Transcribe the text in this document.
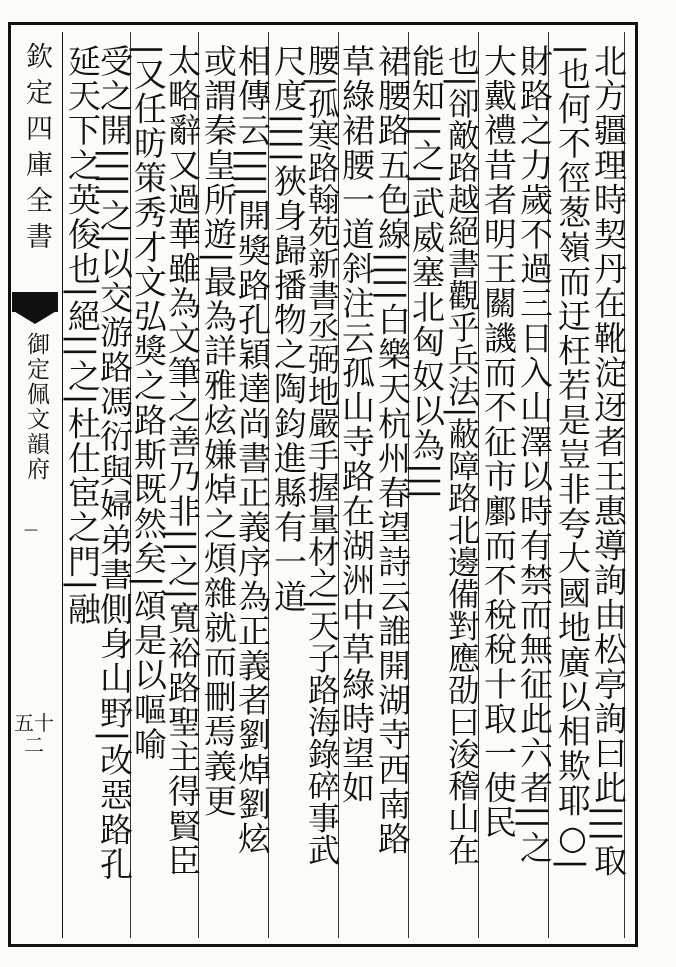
欽定四庫全書
御定佩文韻府
—
五十二	北方疆理時契丹在靴淀迓者王惠導詢由松亭詢曰此|||取
|也何不徑葱嶺而迂枉若是豈非夸大國地廣以相欺耶○|
財路之力歲不過三日入山澤以時有禁而無征此六者||之
大戴禮昔者明王關譏而不征市鄽而不稅稅十取一使民
也|卻敵路越絕書觀乎兵法|蔽障路北邊備對應劭曰浚稽山在
能知||之|武威塞北匈奴以為|||
裙腰路五色線||||白樂天杭州春望詩云誰開湖寺西南路
草綠裙腰一道斜注云孤山寺路在湖洲中草綠時望如
腰|孤寒路翰苑新書丞弼地嚴手握量材之|天子路海錄碎事武
尺度||||狹身歸播物之陶鈞進縣有一道
相傳云||||開獎路孔穎達尚書正義序為正義者劉焯劉炫
或謂秦皇所遊|最為詳雅炫嫌焯之煩雜就而刪焉義更
太略辭又過華雖為文筆之善乃非||之|寬裕路聖主得賢臣
|又任昉策秀才文弘獎之路斯既然矣|頌是以嘔喻
受之開||||之|以交游路馮衍與婦弟書側身山野|改惡路孔
延天下之英俊也|絕||之|杜仕宦之門|融
